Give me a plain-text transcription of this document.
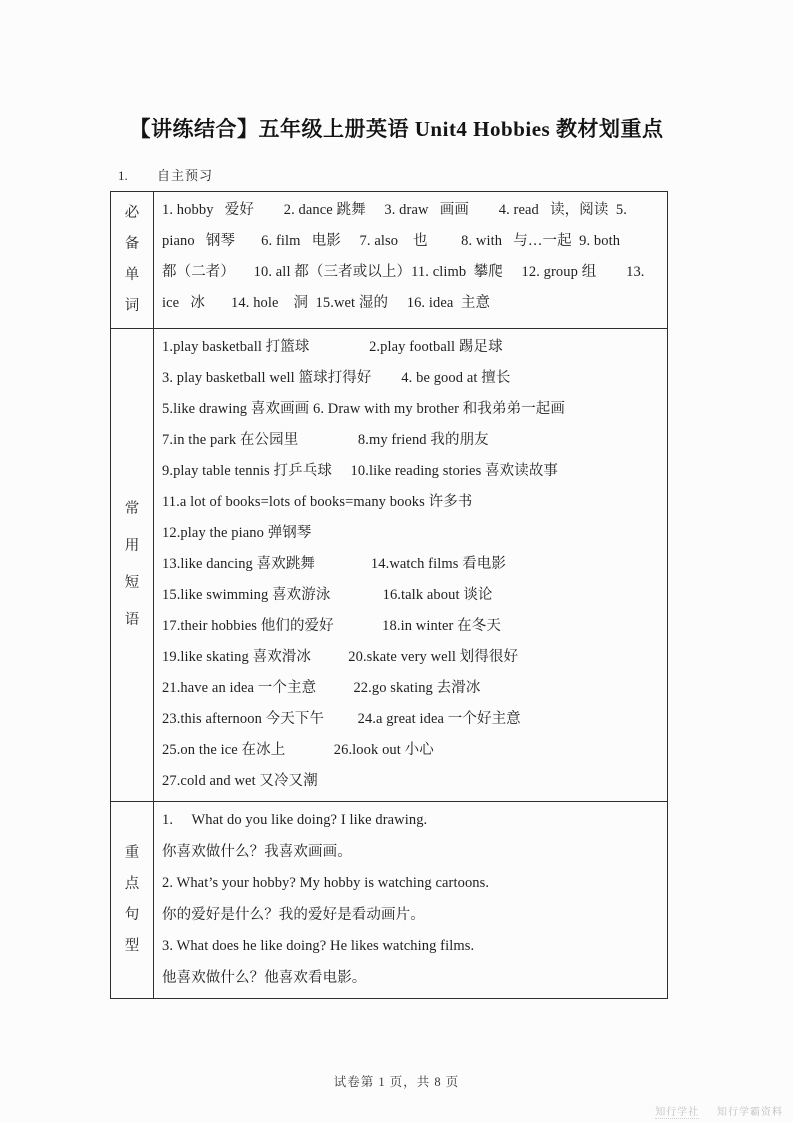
【讲练结合】五年级上册英语 Unit4 Hobbies 教材划重点
1. 自主预习
必
备
单
词

1. hobby   爱好        2. dance 跳舞     3. draw   画画        4. read   读，阅读  5.
piano   钢琴       6. film   电影     7. also    也         8. with   与…一起  9. both
都（二者）     10. all 都（三者或以上）11. climb  攀爬     12. group 组        13.
ice   冰       14. hole    洞  15.wet 湿的     16. idea  主意

常
用
短
语

1.play basketball 打篮球                2.play football 踢足球
3. play basketball well 篮球打得好        4. be good at 擅长
5.like drawing 喜欢画画 6. Draw with my brother 和我弟弟一起画
7.in the park 在公园里                8.my friend 我的朋友
9.play table tennis 打乒乓球     10.like reading stories 喜欢读故事
11.a lot of books=lots of books=many books 许多书
12.play the piano 弹钢琴
13.like dancing 喜欢跳舞               14.watch films 看电影
15.like swimming 喜欢游泳              16.talk about 谈论
17.their hobbies 他们的爱好             18.in winter 在冬天
19.like skating 喜欢滑冰          20.skate very well 划得很好
21.have an idea 一个主意          22.go skating 去滑冰
23.this afternoon 今天下午         24.a great idea 一个好主意
25.on the ice 在冰上             26.look out 小心
27.cold and wet 又冷又潮

重
点
句
型

1.     What do you like doing? I like drawing.
你喜欢做什么？我喜欢画画。
2. What’s your hobby? My hobby is watching cartoons.
你的爱好是什么？我的爱好是看动画片。
3. What does he like doing? He likes watching films.
他喜欢做什么？他喜欢看电影。
试卷第 1 页，共 8 页
知行学社 知行学霸资料
